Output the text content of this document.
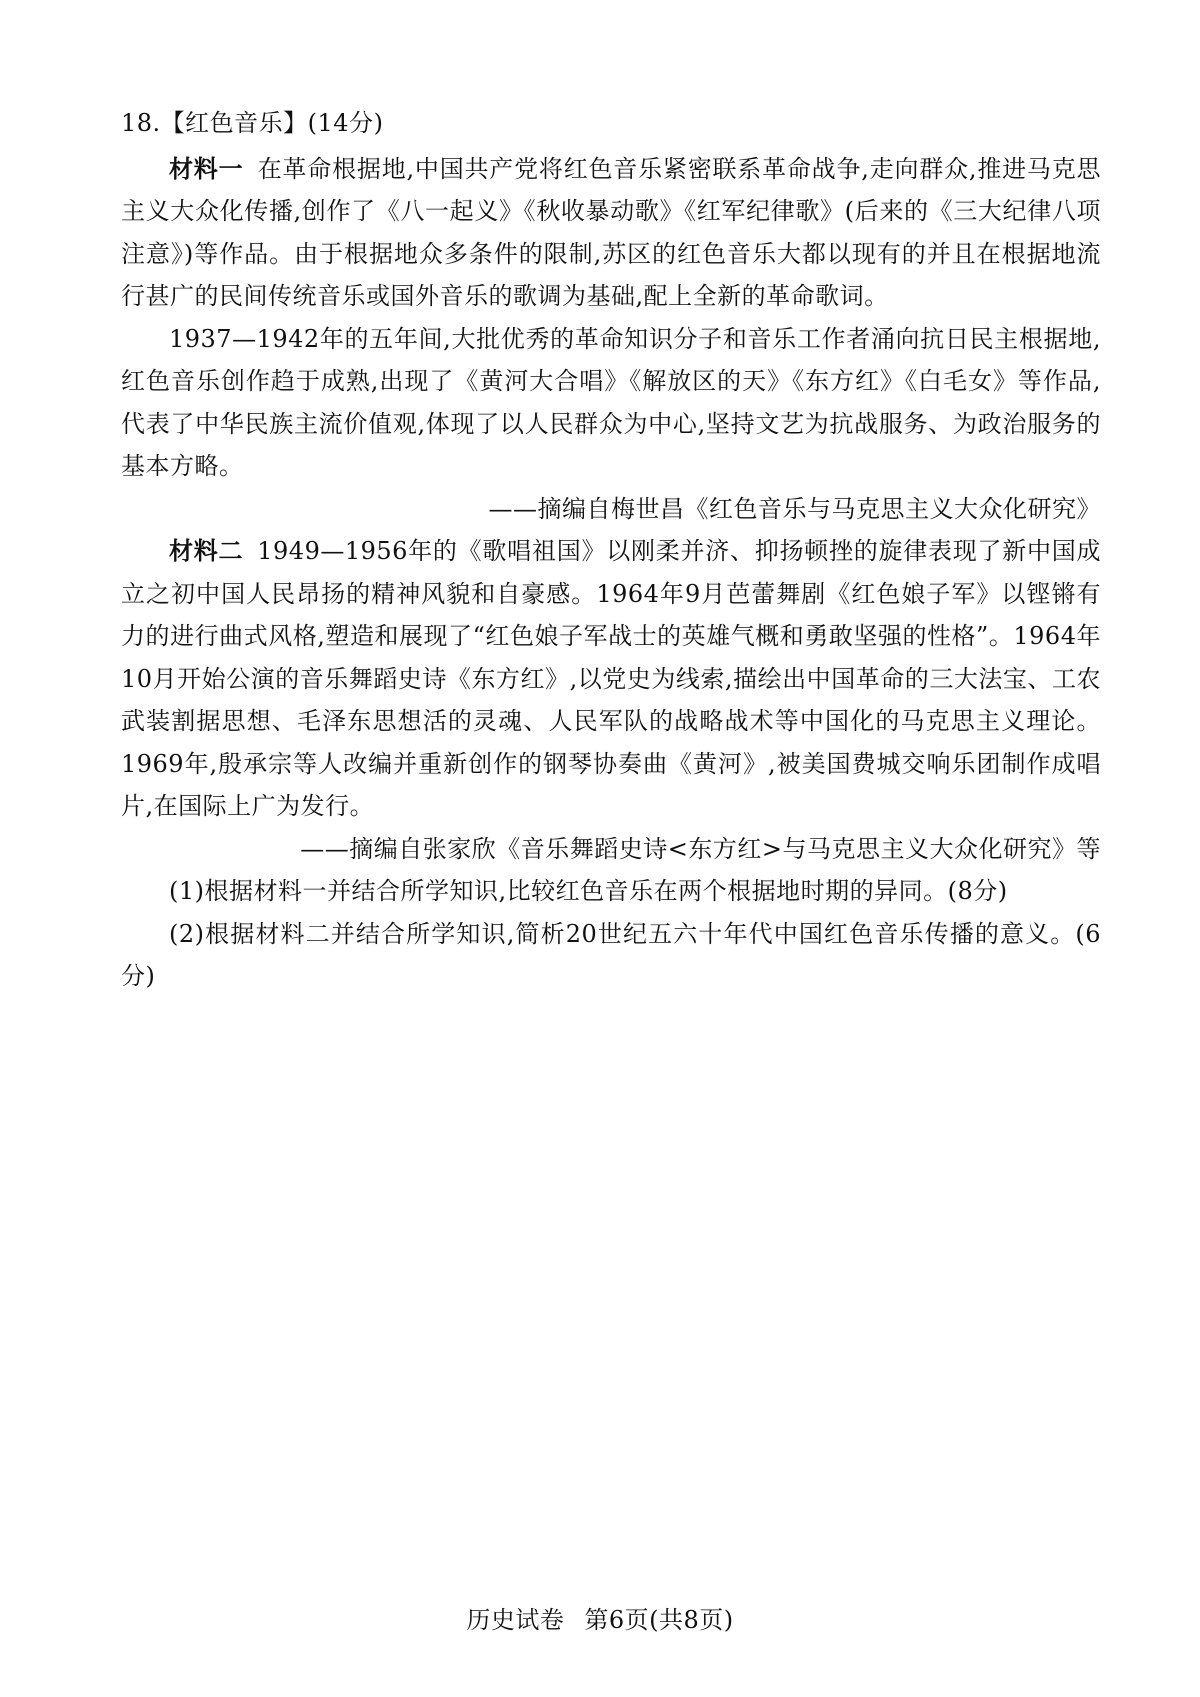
18.【红色音乐】(14分)

材料一 在革命根据地,中国共产党将红色音乐紧密联系革命战争,走向群众,推进马克思主义大众化传播,创作了《八一起义》《秋收暴动歌》《红军纪律歌》(后来的《三大纪律八项注意》)等作品。由于根据地众多条件的限制,苏区的红色音乐大都以现有的并且在根据地流行甚广的民间传统音乐或国外音乐的歌调为基础,配上全新的革命歌词。

1937—1942年的五年间,大批优秀的革命知识分子和音乐工作者涌向抗日民主根据地,红色音乐创作趋于成熟,出现了《黄河大合唱》《解放区的天》《东方红》《白毛女》等作品,代表了中华民族主流价值观,体现了以人民群众为中心,坚持文艺为抗战服务、为政治服务的基本方略。

——摘编自梅世昌《红色音乐与马克思主义大众化研究》

材料二 1949—1956年的《歌唱祖国》以刚柔并济、抑扬顿挫的旋律表现了新中国成立之初中国人民昂扬的精神风貌和自豪感。1964年9月芭蕾舞剧《红色娘子军》以铿锵有力的进行曲式风格,塑造和展现了“红色娘子军战士的英雄气概和勇敢坚强的性格”。1964年10月开始公演的音乐舞蹈史诗《东方红》,以党史为线索,描绘出中国革命的三大法宝、工农武装割据思想、毛泽东思想活的灵魂、人民军队的战略战术等中国化的马克思主义理论。1969年,殷承宗等人改编并重新创作的钢琴协奏曲《黄河》,被美国费城交响乐团制作成唱片,在国际上广为发行。

——摘编自张家欣《音乐舞蹈史诗<东方红>与马克思主义大众化研究》等

(1)根据材料一并结合所学知识,比较红色音乐在两个根据地时期的异同。(8分)

(2)根据材料二并结合所学知识,简析20世纪五六十年代中国红色音乐传播的意义。(6分)

历史试卷 第6页(共8页)
